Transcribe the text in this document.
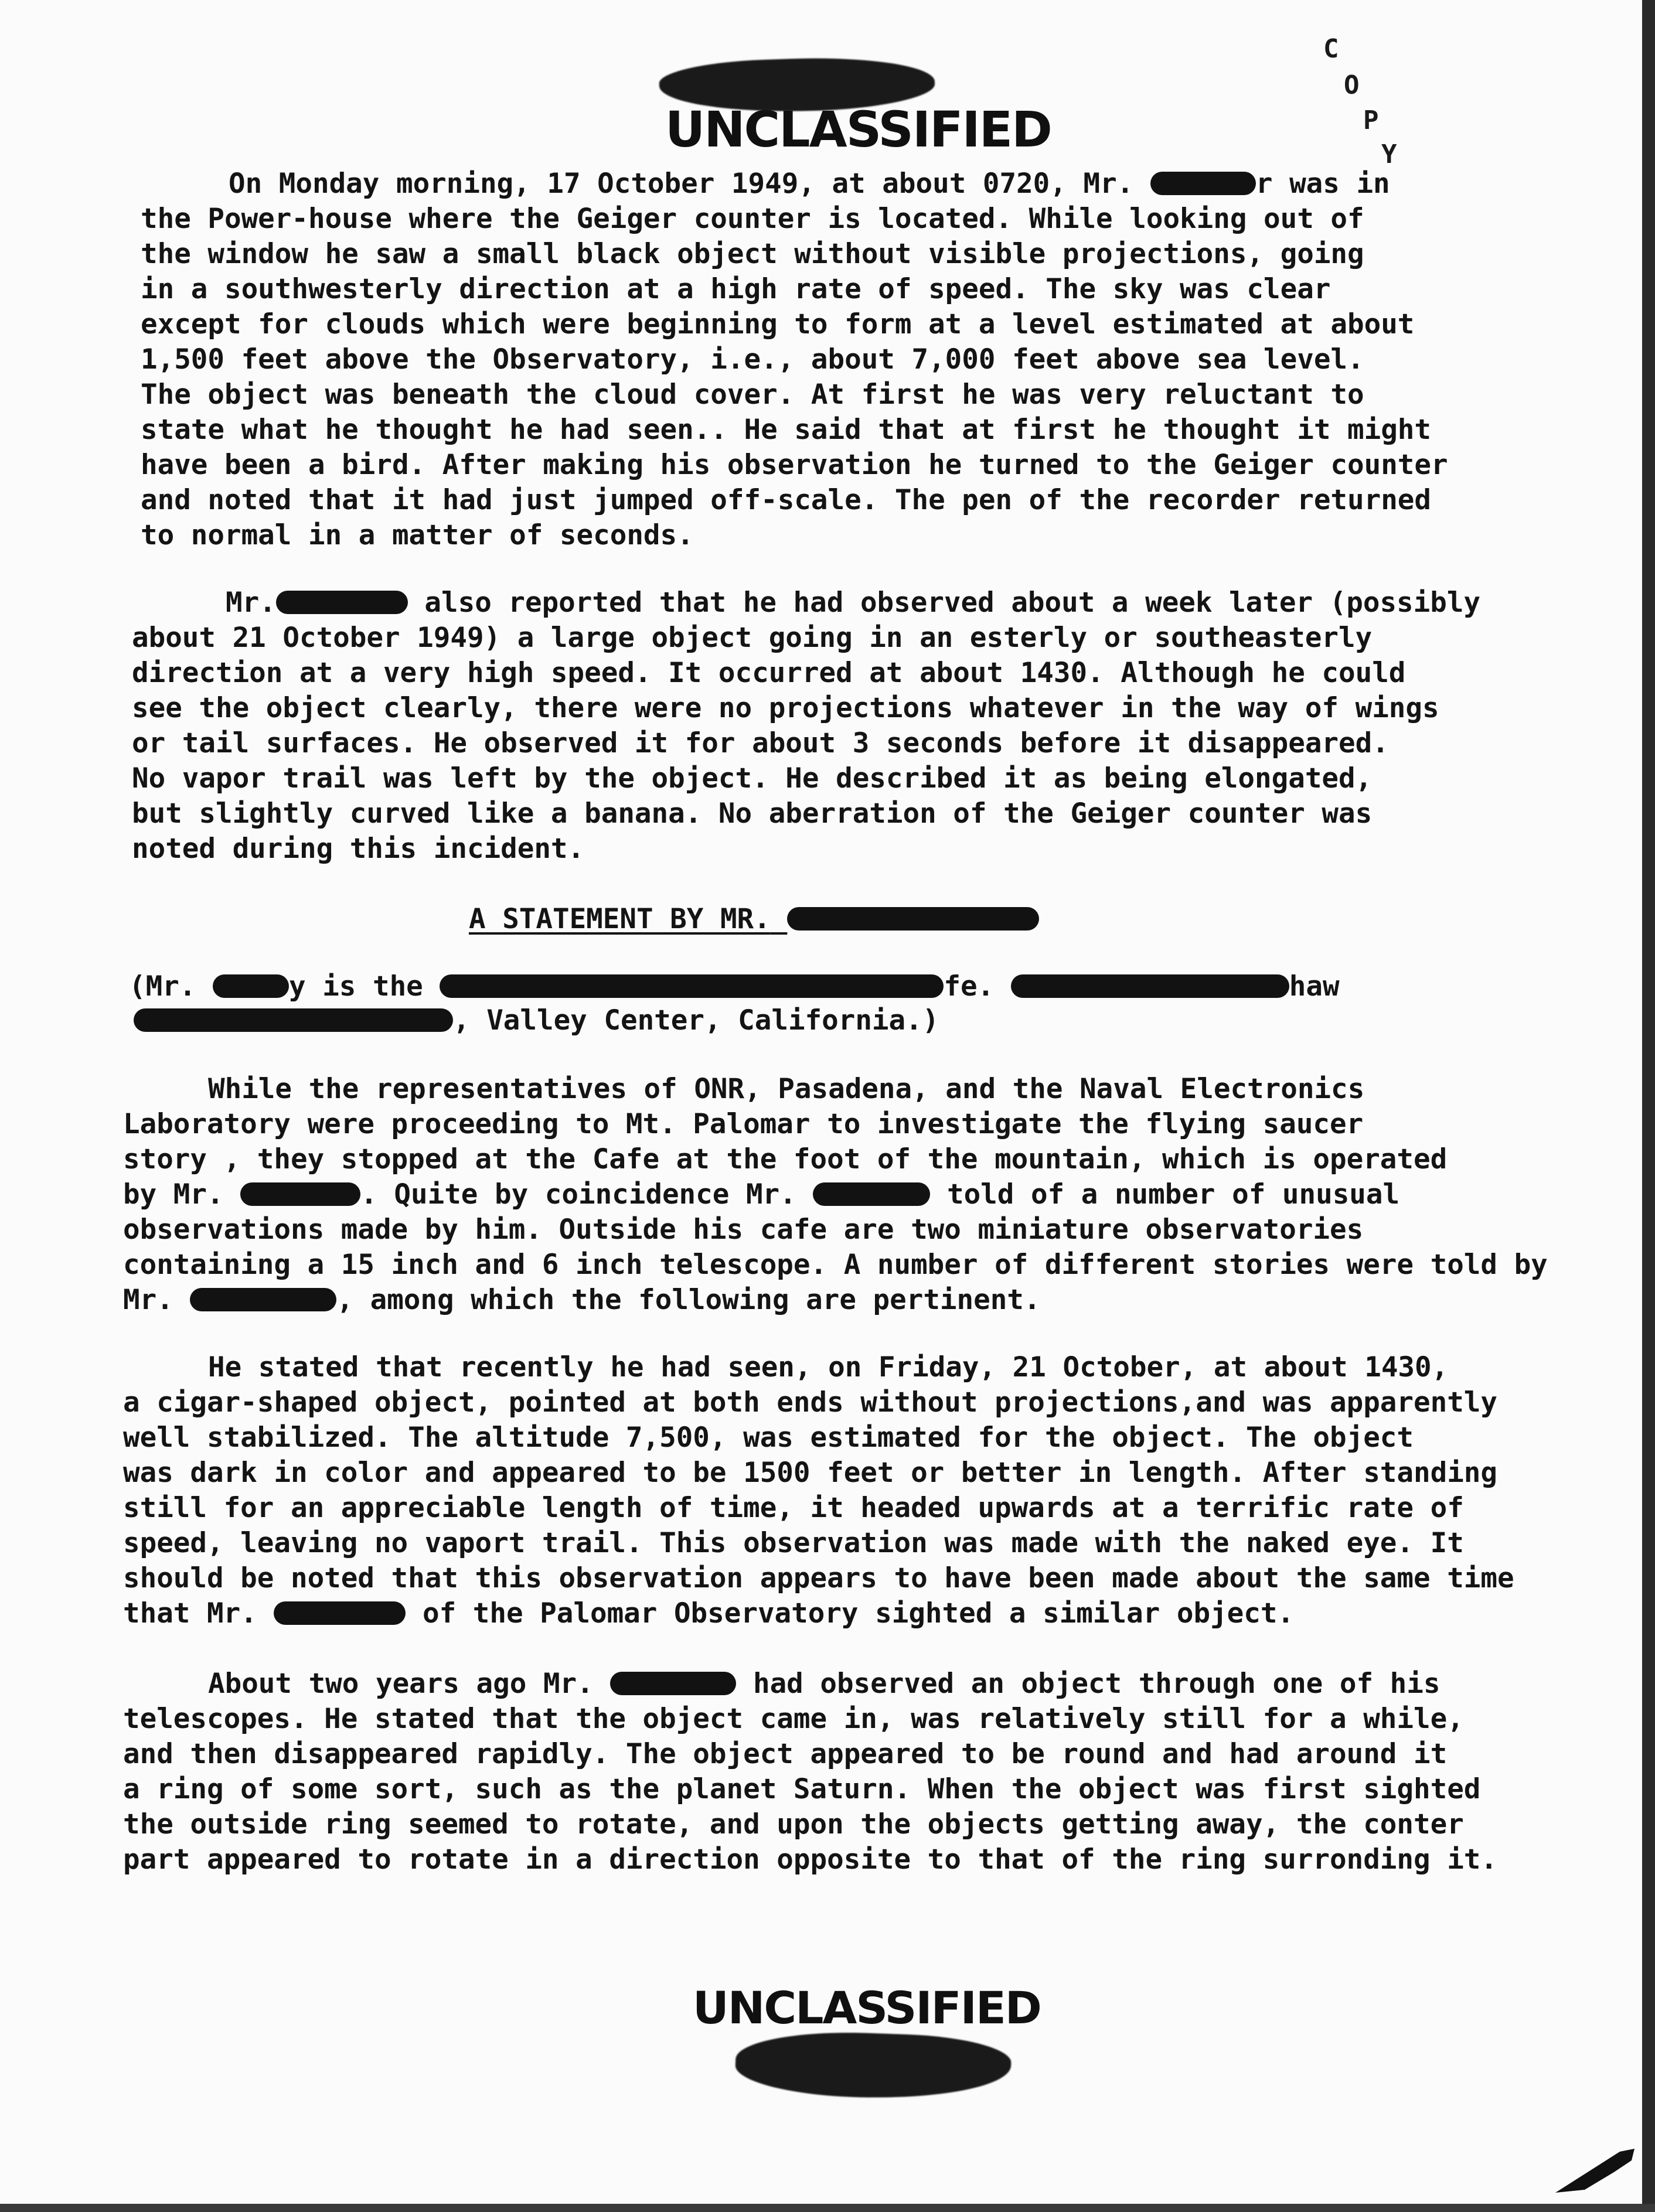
UNCLASSIFIED
C
O
P
Y
On Monday morning, 17 October 1949, at about 0720, Mr.	r was in
the Power-house where the Geiger counter is located. While looking out of
the window he saw a small black object without visible projections, going
in a southwesterly direction at a high rate of speed. The sky was clear
except for clouds which were beginning to form at a level estimated at about
1,500 feet above the Observatory, i.e., about 7,000 feet above sea level.
The object was beneath the cloud cover. At first he was very reluctant to
state what he thought he had seen.. He said that at first he thought it might
have been a bird. After making his observation he turned to the Geiger counter
and noted that it had just jumped off-scale. The pen of the recorder returned
to normal in a matter of seconds.
Mr.	also reported that he had observed about a week later (possibly
about 21 October 1949) a large object going in an esterly or southeasterly
direction at a very high speed. It occurred at about 1430. Although he could
see the object clearly, there were no projections whatever in the way of wings
or tail surfaces. He observed it for about 3 seconds before it disappeared.
No vapor trail was left by the object. He described it as being elongated,
but slightly curved like a banana. No aberration of the Geiger counter was
noted during this incident.
A STATEMENT BY MR.
(Mr.	y is the	fe.	haw
, Valley Center, California.)
While the representatives of ONR, Pasadena, and the Naval Electronics
Laboratory were proceeding to Mt. Palomar to investigate the flying saucer
story , they stopped at the Cafe at the foot of the mountain, which is operated
by Mr.	. Quite by coincidence Mr.	told of a number of unusual
observations made by him. Outside his cafe are two miniature observatories
containing a 15 inch and 6 inch telescope. A number of different stories were told by
Mr.	, among which the following are pertinent.
He stated that recently he had seen, on Friday, 21 October, at about 1430,
a cigar-shaped object, pointed at both ends without projections,and was apparently
well stabilized. The altitude 7,500, was estimated for the object. The object
was dark in color and appeared to be 1500 feet or better in length. After standing
still for an appreciable length of time, it headed upwards at a terrific rate of
speed, leaving no vaport trail. This observation was made with the naked eye. It
should be noted that this observation appears to have been made about the same time
that Mr.	of the Palomar Observatory sighted a similar object.
About two years ago Mr.	had observed an object through one of his
telescopes. He stated that the object came in, was relatively still for a while,
and then disappeared rapidly. The object appeared to be round and had around it
a ring of some sort, such as the planet Saturn. When the object was first sighted
the outside ring seemed to rotate, and upon the objects getting away, the conter
part appeared to rotate in a direction opposite to that of the ring surronding it.
UNCLASSIFIED
